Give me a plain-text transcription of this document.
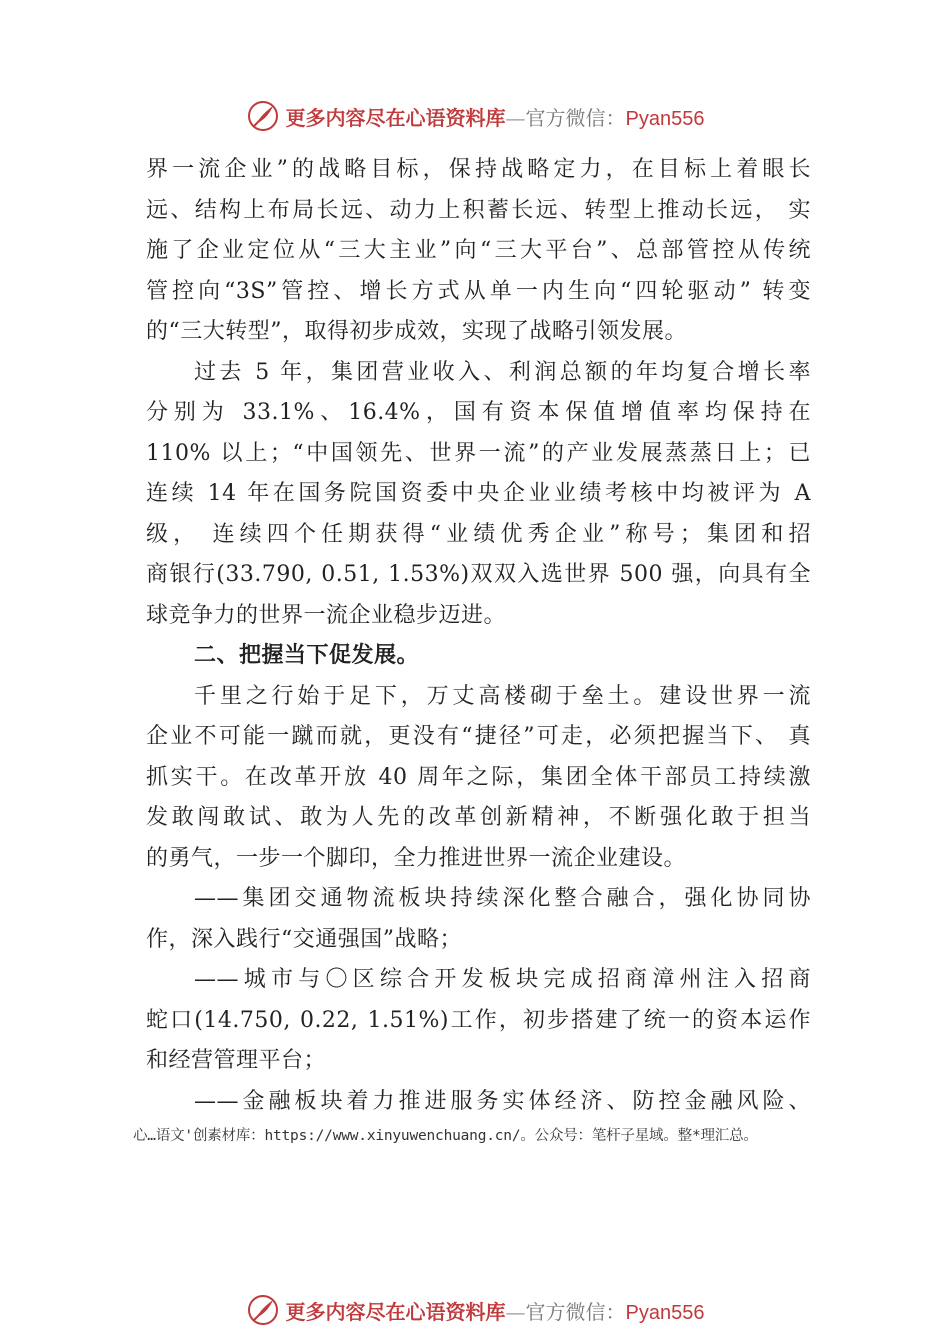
更多内容尽在心语资料库—官方微信：Pyan556
界一流企业”的战略目标，保持战略定力，在目标上着眼长
远、结构上布局长远、动力上积蓄长远、转型上推动长远， 实
施了企业定位从“三大主业”向“三大平台”、总部管控从传统
管控向“3S”管控、增长方式从单一内生向“四轮驱动” 转变
的“三大转型”，取得初步成效，实现了战略引领发展。
过去 5 年，集团营业收入、利润总额的年均复合增长率
分别为 33.1%、16.4%，国有资本保值增值率均保持在
110% 以上；“中国领先、世界一流”的产业发展蒸蒸日上；已
连续 14 年在国务院国资委中央企业业绩考核中均被评为 A
级， 连续四个任期获得“业绩优秀企业”称号；集团和招
商银行(33.790, 0.51, 1.53%)双双入选世界 500 强，向具有全
球竞争力的世界一流企业稳步迈进。
二、把握当下促发展。
千里之行始于足下，万丈高楼砌于垒土。建设世界一流
企业不可能一蹴而就，更没有“捷径”可走，必须把握当下、 真
抓实干。在改革开放 40 周年之际，集团全体干部员工持续激
发敢闯敢试、敢为人先的改革创新精神，不断强化敢于担当
的勇气，一步一个脚印，全力推进世界一流企业建设。
——集团交通物流板块持续深化整合融合，强化协同协
作，深入践行“交通强国”战略；
——城市与〇区综合开发板块完成招商漳州注入招商
蛇口(14.750, 0.22, 1.51%)工作，初步搭建了统一的资本运作
和经营管理平台；
——金融板块着力推进服务实体经济、防控金融风险、
心…语文'创素材库：https://www.xinyuwenchuang.cn/。公众号：笔杆子星域。整*理汇总。
更多内容尽在心语资料库—官方微信：Pyan556
